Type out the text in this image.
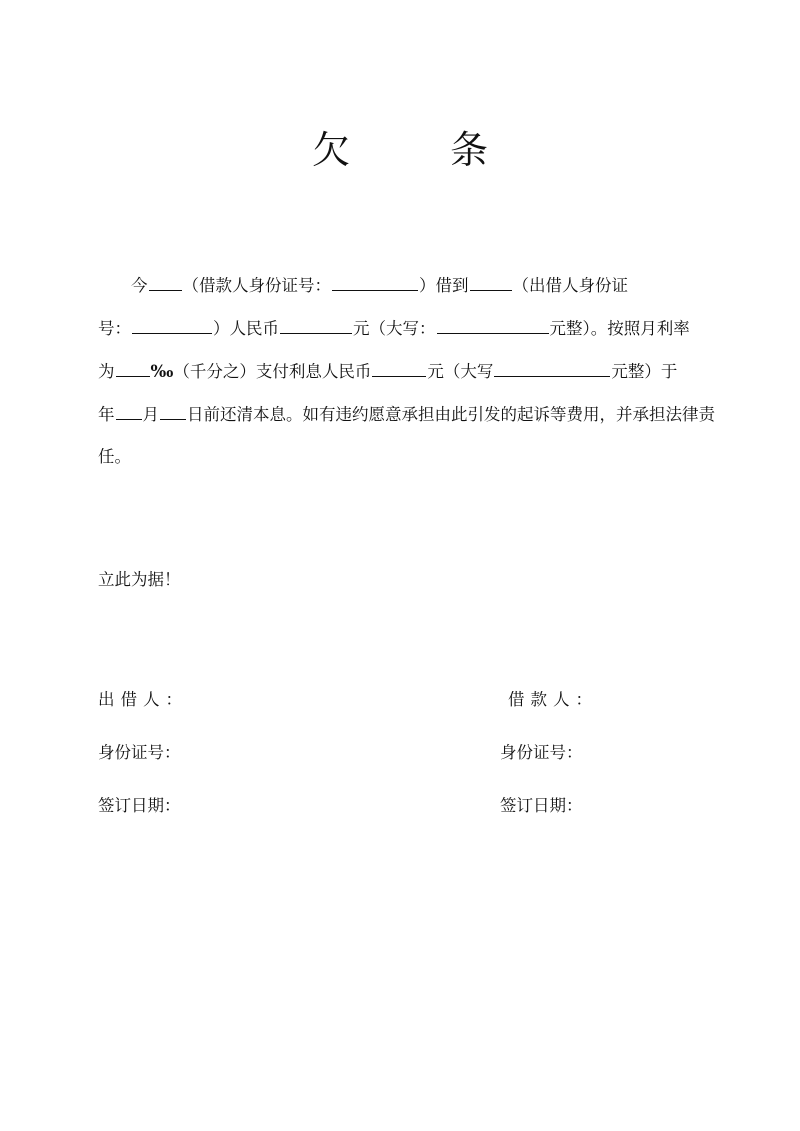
欠 条
今 （借款人身份证号：	）借到	（出借人身份证
号：	）人民币	元（大写：	元整）。按照月利率
为 ‰（千分之）支付利息人民币	元（大写	元整）于
年 月 日前还清本息。如有违约愿意承担由此引发的起诉等费用，并承担法律责
任。
立此为据！
出借人：
身份证号：
签订日期：
借款人：
身份证号：
签订日期：
